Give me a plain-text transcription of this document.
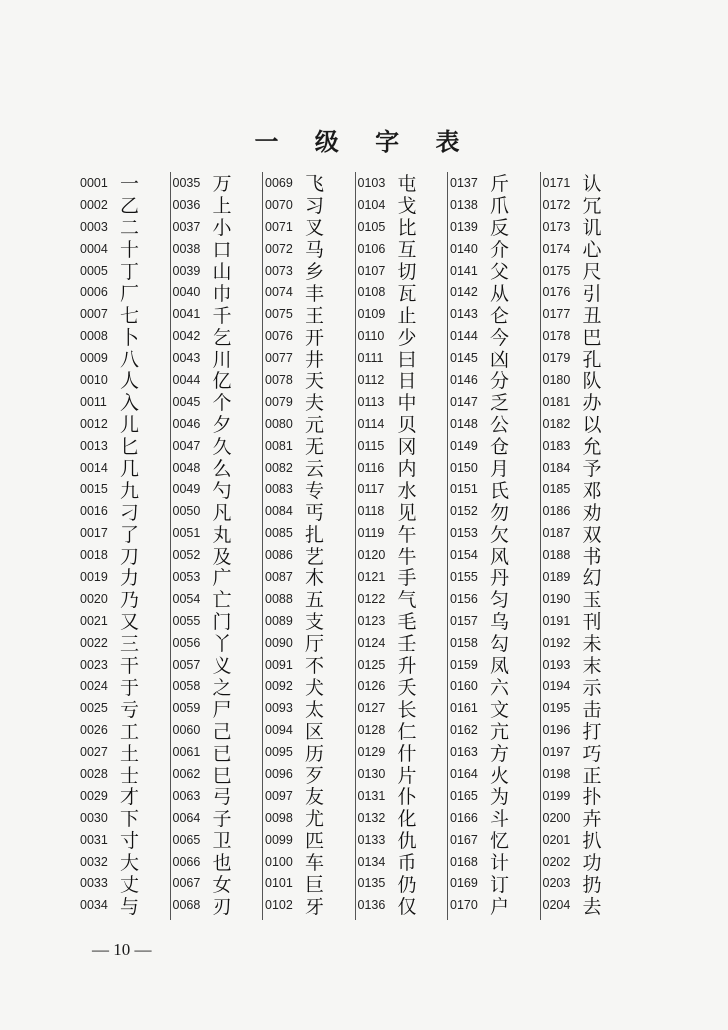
一 级 字 表
0001 一
0002 乙
0003 二
0004 十
0005 丁
0006 厂
0007 七
0008 卜
0009 八
0010 人
0011 入
0012 儿
0013 匕
0014 几
0015 九
0016 刁
0017 了
0018 刀
0019 力
0020 乃
0021 又
0022 三
0023 干
0024 于
0025 亏
0026 工
0027 土
0028 士
0029 才
0030 下
0031 寸
0032 大
0033 丈
0034 与
0035 万
0036 上
0037 小
0038 口
0039 山
0040 巾
0041 千
0042 乞
0043 川
0044 亿
0045 个
0046 夕
0047 久
0048 么
0049 勺
0050 凡
0051 丸
0052 及
0053 广
0054 亡
0055 门
0056 丫
0057 义
0058 之
0059 尸
0060 己
0061 已
0062 巳
0063 弓
0064 子
0065 卫
0066 也
0067 女
0068 刃
0069 飞
0070 习
0071 叉
0072 马
0073 乡
0074 丰
0075 王
0076 开
0077 井
0078 天
0079 夫
0080 元
0081 无
0082 云
0083 专
0084 丐
0085 扎
0086 艺
0087 木
0088 五
0089 支
0090 厅
0091 不
0092 犬
0093 太
0094 区
0095 历
0096 歹
0097 友
0098 尤
0099 匹
0100 车
0101 巨
0102 牙
0103 屯
0104 戈
0105 比
0106 互
0107 切
0108 瓦
0109 止
0110 少
0111 曰
0112 日
0113 中
0114 贝
0115 冈
0116 内
0117 水
0118 见
0119 午
0120 牛
0121 手
0122 气
0123 毛
0124 壬
0125 升
0126 夭
0127 长
0128 仁
0129 什
0130 片
0131 仆
0132 化
0133 仇
0134 币
0135 仍
0136 仅
0137 斤
0138 爪
0139 反
0140 介
0141 父
0142 从
0143 仑
0144 今
0145 凶
0146 分
0147 乏
0148 公
0149 仓
0150 月
0151 氏
0152 勿
0153 欠
0154 风
0155 丹
0156 匀
0157 乌
0158 勾
0159 凤
0160 六
0161 文
0162 亢
0163 方
0164 火
0165 为
0166 斗
0167 忆
0168 计
0169 订
0170 户
0171 认
0172 冗
0173 讥
0174 心
0175 尺
0176 引
0177 丑
0178 巴
0179 孔
0180 队
0181 办
0182 以
0183 允
0184 予
0185 邓
0186 劝
0187 双
0188 书
0189 幻
0190 玉
0191 刊
0192 未
0193 末
0194 示
0195 击
0196 打
0197 巧
0198 正
0199 扑
0200 卉
0201 扒
0202 功
0203 扔
0204 去
— 10 —
